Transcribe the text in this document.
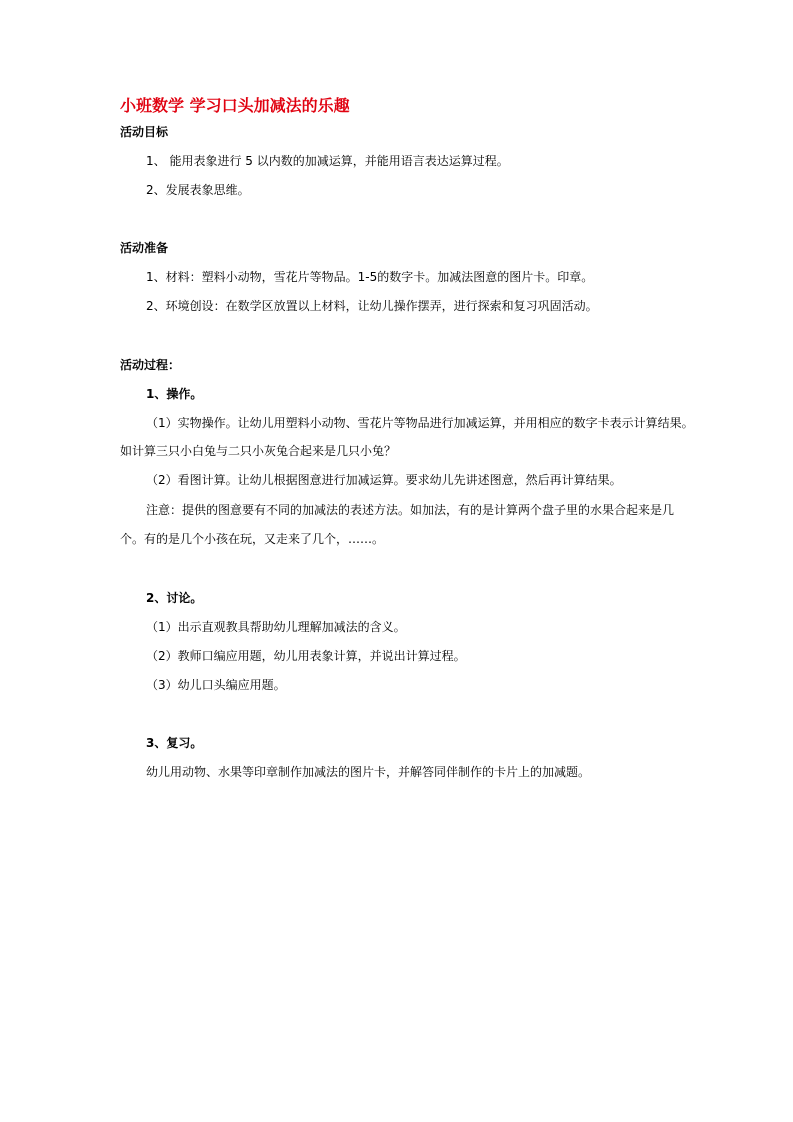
小班数学 学习口头加减法的乐趣
活动目标
1、 能用表象进行 5 以内数的加减运算，并能用语言表达运算过程。
2、发展表象思维。
活动准备
1、材料：塑料小动物，雪花片等物品。1-5的数字卡。加减法图意的图片卡。印章。
2、环境创设：在数学区放置以上材料，让幼儿操作摆弄，进行探索和复习巩固活动。
活动过程：
1、操作。
（1）实物操作。让幼儿用塑料小动物、雪花片等物品进行加减运算，并用相应的数字卡表示计算结果。
如计算三只小白兔与二只小灰兔合起来是几只小兔？
（2）看图计算。让幼儿根据图意进行加减运算。要求幼儿先讲述图意，然后再计算结果。
注意：提供的图意要有不同的加减法的表述方法。如加法，有的是计算两个盘子里的水果合起来是几
个。有的是几个小孩在玩，又走来了几个，……。
2、讨论。
（1）出示直观教具帮助幼儿理解加减法的含义。
（2）教师口编应用题，幼儿用表象计算，并说出计算过程。
（3）幼儿口头编应用题。
3、复习。
幼儿用动物、水果等印章制作加减法的图片卡，并解答同伴制作的卡片上的加减题。
